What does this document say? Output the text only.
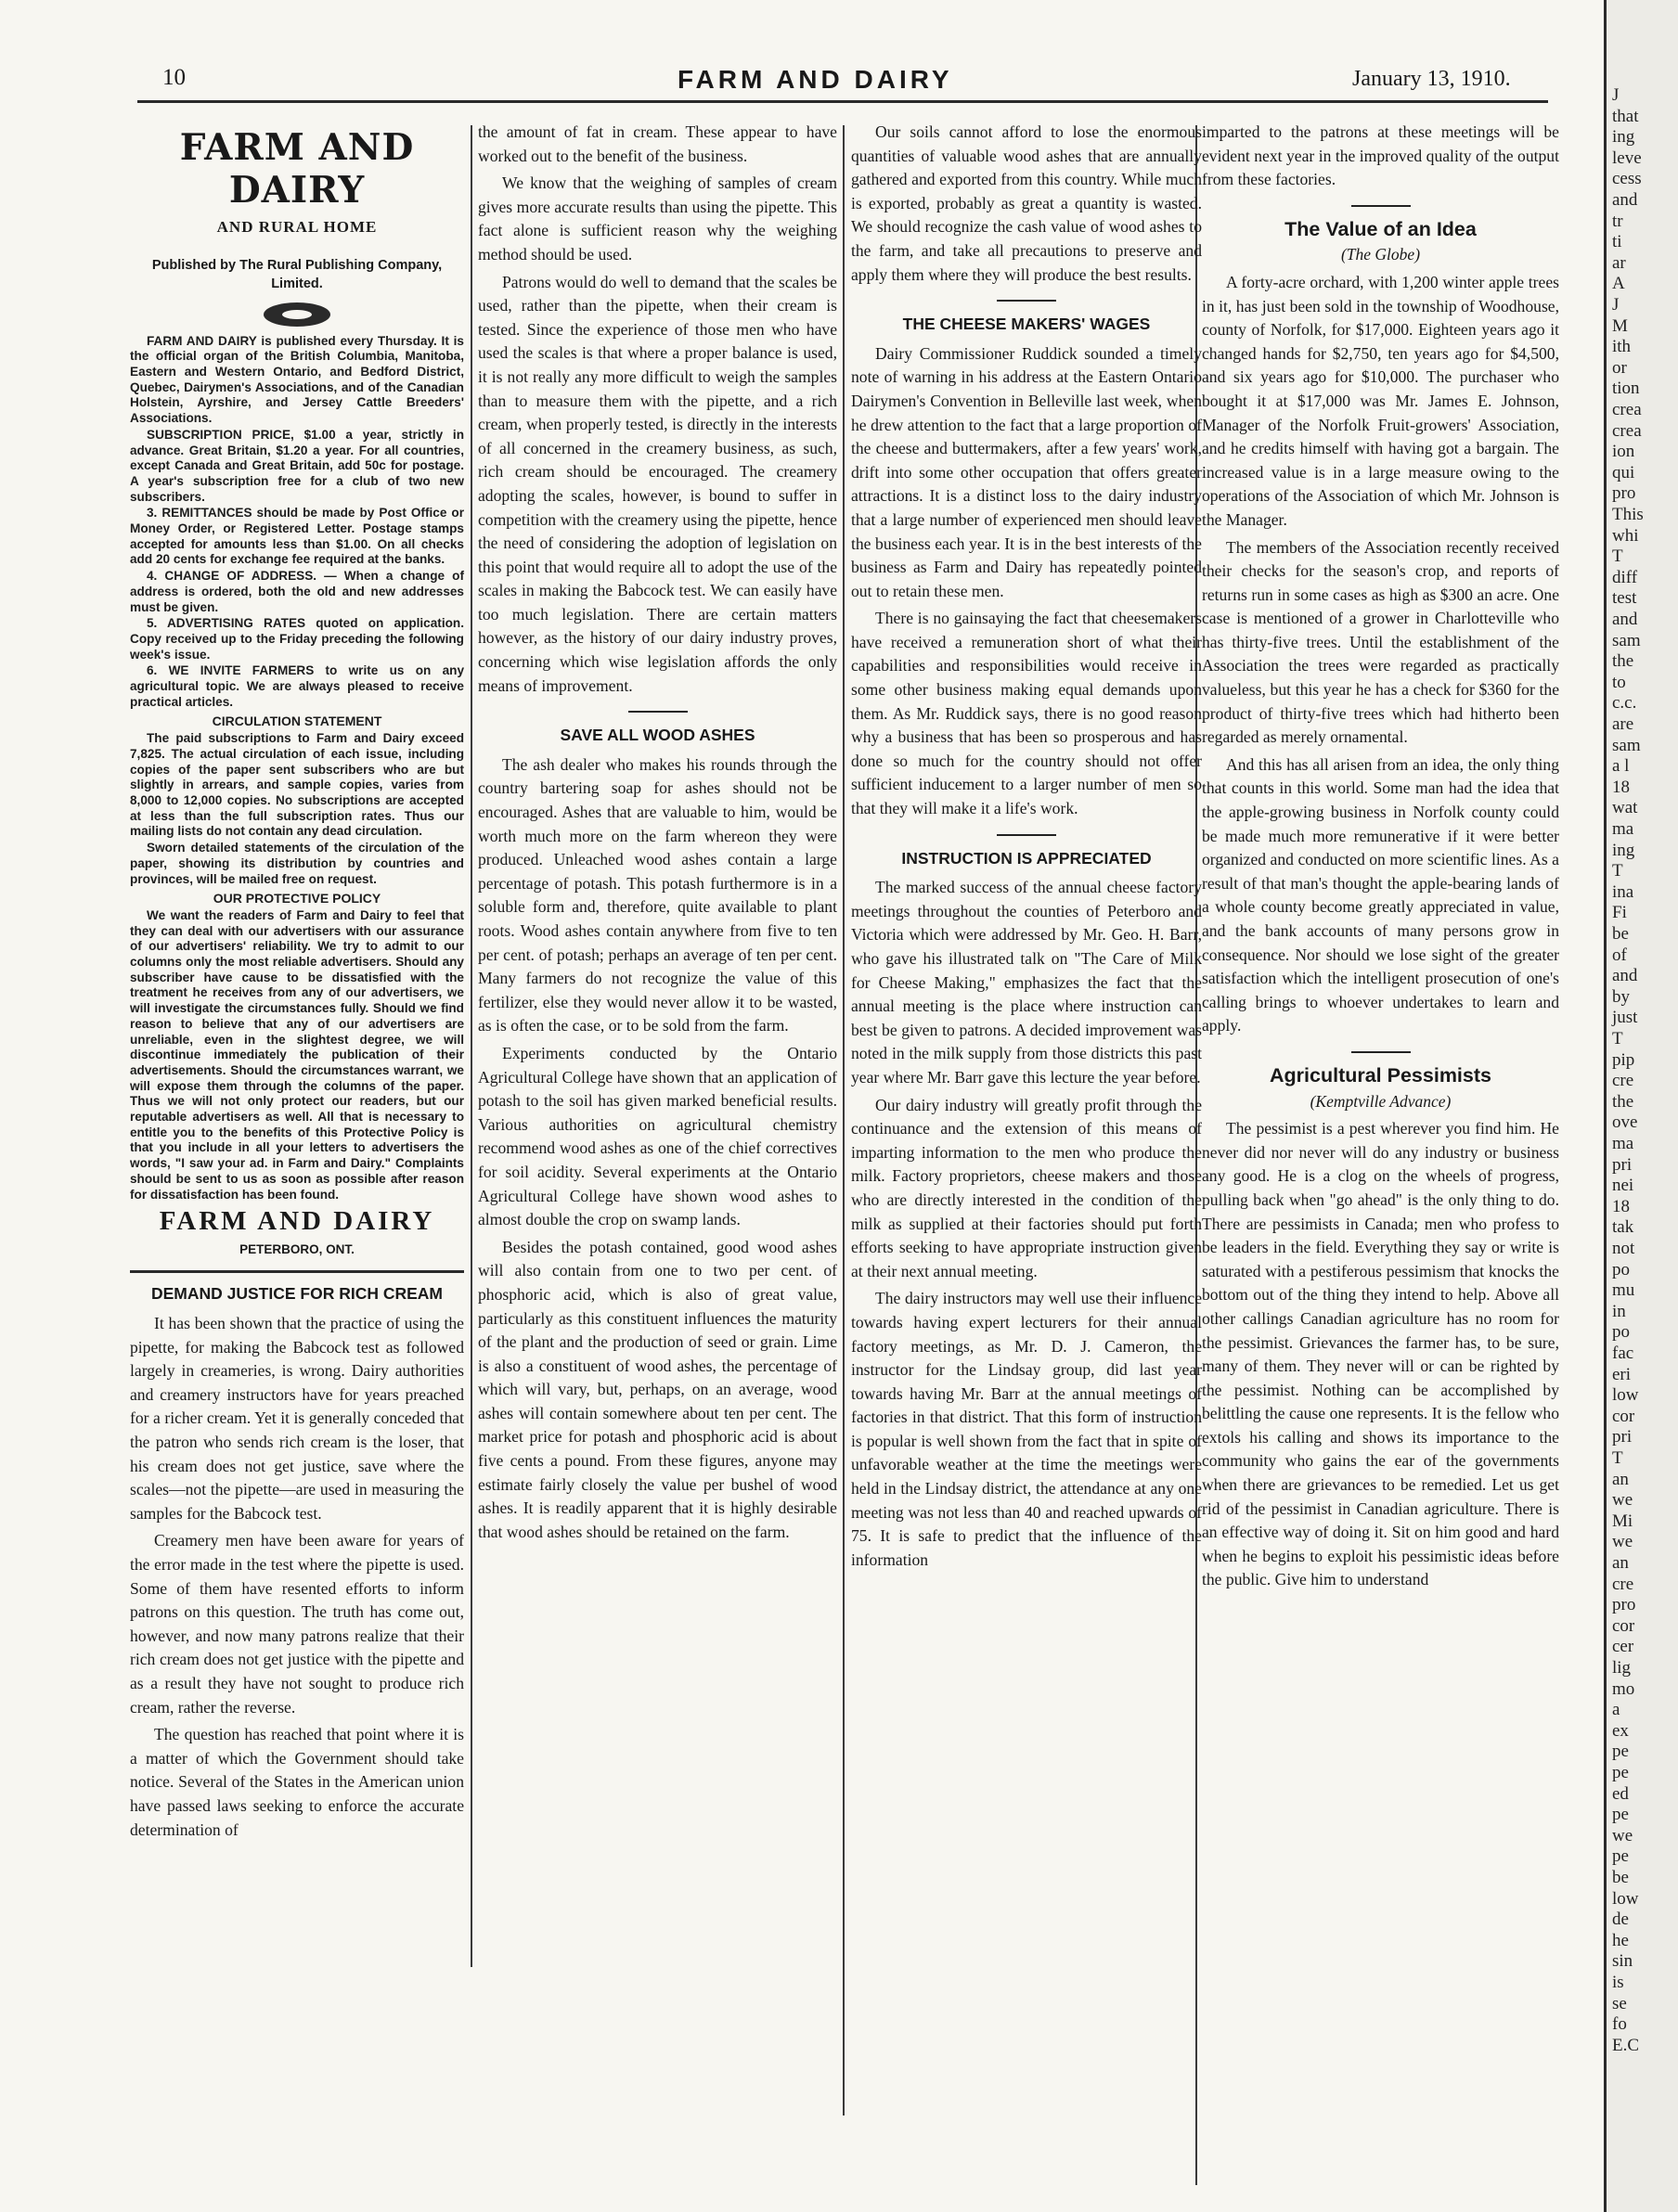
10	FARM AND DAIRY	January 13, 1910.
FARM AND DAIRY
AND RURAL HOME
Published by The Rural Publishing Company, Limited.

FARM AND DAIRY is published every Thursday. It is the official organ of the British Columbia, Manitoba, Eastern and Western Ontario, and Bedford District, Quebec, Dairymen's Associations, and of the Canadian Holstein, Ayrshire, and Jersey Cattle Breeders' Associations.

SUBSCRIPTION PRICE, $1.00 a year, strictly in advance. Great Britain, $1.20 a year. For all countries, except Canada and Great Britain, add 50c for postage. A year's subscription free for a club of two new subscribers.

3. REMITTANCES should be made by Post Office or Money Order, or Registered Letter. Postage stamps accepted for amounts less than $1.00. On all checks add 20 cents for exchange fee required at the banks.

4. CHANGE OF ADDRESS. — When a change of address is ordered, both the old and new addresses must be given.

5. ADVERTISING RATES quoted on application. Copy received up to the Friday preceding the following week's issue.

6. WE INVITE FARMERS to write us on any agricultural topic. We are always pleased to receive practical articles.

CIRCULATION STATEMENT

The paid subscriptions to Farm and Dairy exceed 7,825. The actual circulation of each issue, including copies of the paper sent subscribers who are but slightly in arrears, and sample copies, varies from 8,000 to 12,000 copies. No subscriptions are accepted at less than the full subscription rates. Thus our mailing lists do not contain any dead circulation.

Sworn detailed statements of the circulation of the paper, showing its distribution by countries and provinces, will be mailed free on request.

OUR PROTECTIVE POLICY

We want the readers of Farm and Dairy to feel that they can deal with our advertisers with our assurance of our advertisers' reliability. We try to admit to our columns only the most reliable advertisers. Should any subscriber have cause to be dissatisfied with the treatment he receives from any of our advertisers, we will investigate the circumstances fully. Should we find reason to believe that any of our advertisers are unreliable, even in the slightest degree, we will discontinue immediately the publication of their advertisements. Should the circumstances warrant, we will expose them through the columns of the paper. Thus we will not only protect our readers, but our reputable advertisers as well. All that is necessary to entitle you to the benefits of this Protective Policy is that you include in all your letters to advertisers the words, "I saw your ad. in Farm and Dairy." Complaints should be sent to us as soon as possible after reason for dissatisfaction has been found.

FARM AND DAIRY
PETERBORO, ONT.
DEMAND JUSTICE FOR RICH CREAM

It has been shown that the practice of using the pipette, for making the Babcock test as followed largely in creameries, is wrong. Dairy authorities and creamery instructors have for years preached for a richer cream. Yet it is generally conceded that the patron who sends rich cream is the loser, that his cream does not get justice, save where the scales—not the pipette—are used in measuring the samples for the Babcock test.

Creamery men have been aware for years of the error made in the test where the pipette is used. Some of them have resented efforts to inform patrons on this question. The truth has come out, however, and now many patrons realize that their rich cream does not get justice with the pipette and as a result they have not sought to produce rich cream, rather the reverse.

The question has reached that point where it is a matter of which the Government should take notice. Several of the States in the American union have passed laws seeking to enforce the accurate determination of

the amount of fat in cream. These appear to have worked out to the benefit of the business.

We know that the weighing of samples of cream gives more accurate results than using the pipette. This fact alone is sufficient reason why the weighing method should be used.

Patrons would do well to demand that the scales be used, rather than the pipette, when their cream is tested. Since the experience of those men who have used the scales is that where a proper balance is used, it is not really any more difficult to weigh the samples than to measure them with the pipette, and a rich cream, when properly tested, is directly in the interests of all concerned in the creamery business, as such, rich cream should be encouraged. The creamery adopting the scales, however, is bound to suffer in competition with the creamery using the pipette, hence the need of considering the adoption of legislation on this point that would require all to adopt the use of the scales in making the Babcock test. We can easily have too much legislation. There are certain matters however, as the history of our dairy industry proves, concerning which wise legislation affords the only means of improvement.

SAVE ALL WOOD ASHES

The ash dealer who makes his rounds through the country bartering soap for ashes should not be encouraged. Ashes that are valuable to him, would be worth much more on the farm whereon they were produced. Unleached wood ashes contain a large percentage of potash. This potash furthermore is in a soluble form and, therefore, quite available to plant roots. Wood ashes contain anywhere from five to ten per cent. of potash; perhaps an average of ten per cent. Many farmers do not recognize the value of this fertilizer, else they would never allow it to be wasted, as is often the case, or to be sold from the farm.

Experiments conducted by the Ontario Agricultural College have shown that an application of potash to the soil has given marked beneficial results. Various authorities on agricultural chemistry recommend wood ashes as one of the chief correctives for soil acidity. Several experiments at the Ontario Agricultural College have shown wood ashes to almost double the crop on swamp lands.

Besides the potash contained, good wood ashes will also contain from one to two per cent. of phosphoric acid, which is also of great value, particularly as this constituent influences the maturity of the plant and the production of seed or grain. Lime is also a constituent of wood ashes, the percentage of which will vary, but, perhaps, on an average, wood ashes will contain somewhere about ten per cent. The market price for potash and phosphoric acid is about five cents a pound. From these figures, anyone may estimate fairly closely the value per bushel of wood ashes. It is readily apparent that it is highly desirable that wood ashes should be retained on the farm.

Our soils cannot afford to lose the enormous quantities of valuable wood ashes that are annually gathered and exported from this country. While much is exported, probably as great a quantity is wasted. We should recognize the cash value of wood ashes to the farm, and take all precautions to preserve and apply them where they will produce the best results.

THE CHEESE MAKERS' WAGES

Dairy Commissioner Ruddick sounded a timely note of warning in his address at the Eastern Ontario Dairymen's Convention in Belleville last week, when he drew attention to the fact that a large proportion of the cheese and buttermakers, after a few years' work, drift into some other occupation that offers greater attractions. It is a distinct loss to the dairy industry that a large number of experienced men should leave the business each year. It is in the best interests of the business as Farm and Dairy has repeatedly pointed out to retain these men.

There is no gainsaying the fact that cheesemakers have received a remuneration short of what their capabilities and responsibilities would receive in some other business making equal demands upon them. As Mr. Ruddick says, there is no good reason why a business that has been so prosperous and has done so much for the country should not offer sufficient inducement to a larger number of men so that they will make it a life's work.

INSTRUCTION IS APPRECIATED

The marked success of the annual cheese factory meetings throughout the counties of Peterboro and Victoria which were addressed by Mr. Geo. H. Barr, who gave his illustrated talk on "The Care of Milk for Cheese Making," emphasizes the fact that the annual meeting is the place where instruction can best be given to patrons. A decided improvement was noted in the milk supply from those districts this past year where Mr. Barr gave this lecture the year before.

Our dairy industry will greatly profit through the continuance and the extension of this means of imparting information to the men who produce the milk. Factory proprietors, cheese makers and those who are directly interested in the condition of the milk as supplied at their factories should put forth efforts seeking to have appropriate instruction given at their next annual meeting.

The dairy instructors may well use their influence towards having expert lecturers for their annual factory meetings, as Mr. D. J. Cameron, the instructor for the Lindsay group, did last year towards having Mr. Barr at the annual meetings of factories in that district. That this form of instruction is popular is well shown from the fact that in spite of unfavorable weather at the time the meetings were held in the Lindsay district, the attendance at any one meeting was not less than 40 and reached upwards of 75. It is safe to predict that the influence of the information

imparted to the patrons at these meetings will be evident next year in the improved quality of the output from these factories.

The Value of an Idea
(The Globe)

A forty-acre orchard, with 1,200 winter apple trees in it, has just been sold in the township of Woodhouse, county of Norfolk, for $17,000. Eighteen years ago it changed hands for $2,750, ten years ago for $4,500, and six years ago for $10,000. The purchaser who bought it at $17,000 was Mr. James E. Johnson, Manager of the Norfolk Fruit-growers' Association, and he credits himself with having got a bargain. The increased value is in a large measure owing to the operations of the Association of which Mr. Johnson is the Manager.

The members of the Association recently received their checks for the season's crop, and reports of returns run in some cases as high as $300 an acre. One case is mentioned of a grower in Charlotteville who has thirty-five trees. Until the establishment of the Association the trees were regarded as practically valueless, but this year he has a check for $360 for the product of thirty-five trees which had hitherto been regarded as merely ornamental.

And this has all arisen from an idea, the only thing that counts in this world. Some man had the idea that the apple-growing business in Norfolk county could be made much more remunerative if it were better organized and conducted on more scientific lines. As a result of that man's thought the apple-bearing lands of a whole county become greatly appreciated in value, and the bank accounts of many persons grow in consequence. Nor should we lose sight of the greater satisfaction which the intelligent prosecution of one's calling brings to whoever undertakes to learn and apply.

Agricultural Pessimists
(Kemptville Advance)

The pessimist is a pest wherever you find him. He never did nor never will do any industry or business any good. He is a clog on the wheels of progress, pulling back when "go ahead" is the only thing to do. There are pessimists in Canada; men who profess to be leaders in the field. Everything they say or write is saturated with a pestiferous pessimism that knocks the bottom out of the thing they intend to help. Above all other callings Canadian agriculture has no room for the pessimist. Grievances the farmer has, to be sure, many of them. They never will or can be righted by the pessimist. Nothing can be accomplished by belittling the cause one represents. It is the fellow who extols his calling and shows its importance to the community who gains the ear of the governments when there are grievances to be remedied. Let us get rid of the pessimist in Canadian agriculture. There is an effective way of doing it. Sit on him good and hard when he begins to exploit his pessimistic ideas before the public. Give him to understand

J
that
ing
leve
cess
and
tr
ti
ar
A
J
M
ith
or
tion
crea
crea
ion
qui
pro
This
whi
T
diff
test
and
sam
the
to
c.c.
are
sam
a l
18
wat
ma
ing
T
ina
Fi
be
of
and
by
just
T
pip
cre
the
ove
ma
pri
nei
18
tak
not
po
mu
in
po
fac
eri
low
cor
pri
T
an
we
Mi
we
an
cre
pro
cor
cer
lig
mo
a
ex
pe
pe
ed
pe
we
pe
be
low
de
he
sin
is
se
fo
E.C
